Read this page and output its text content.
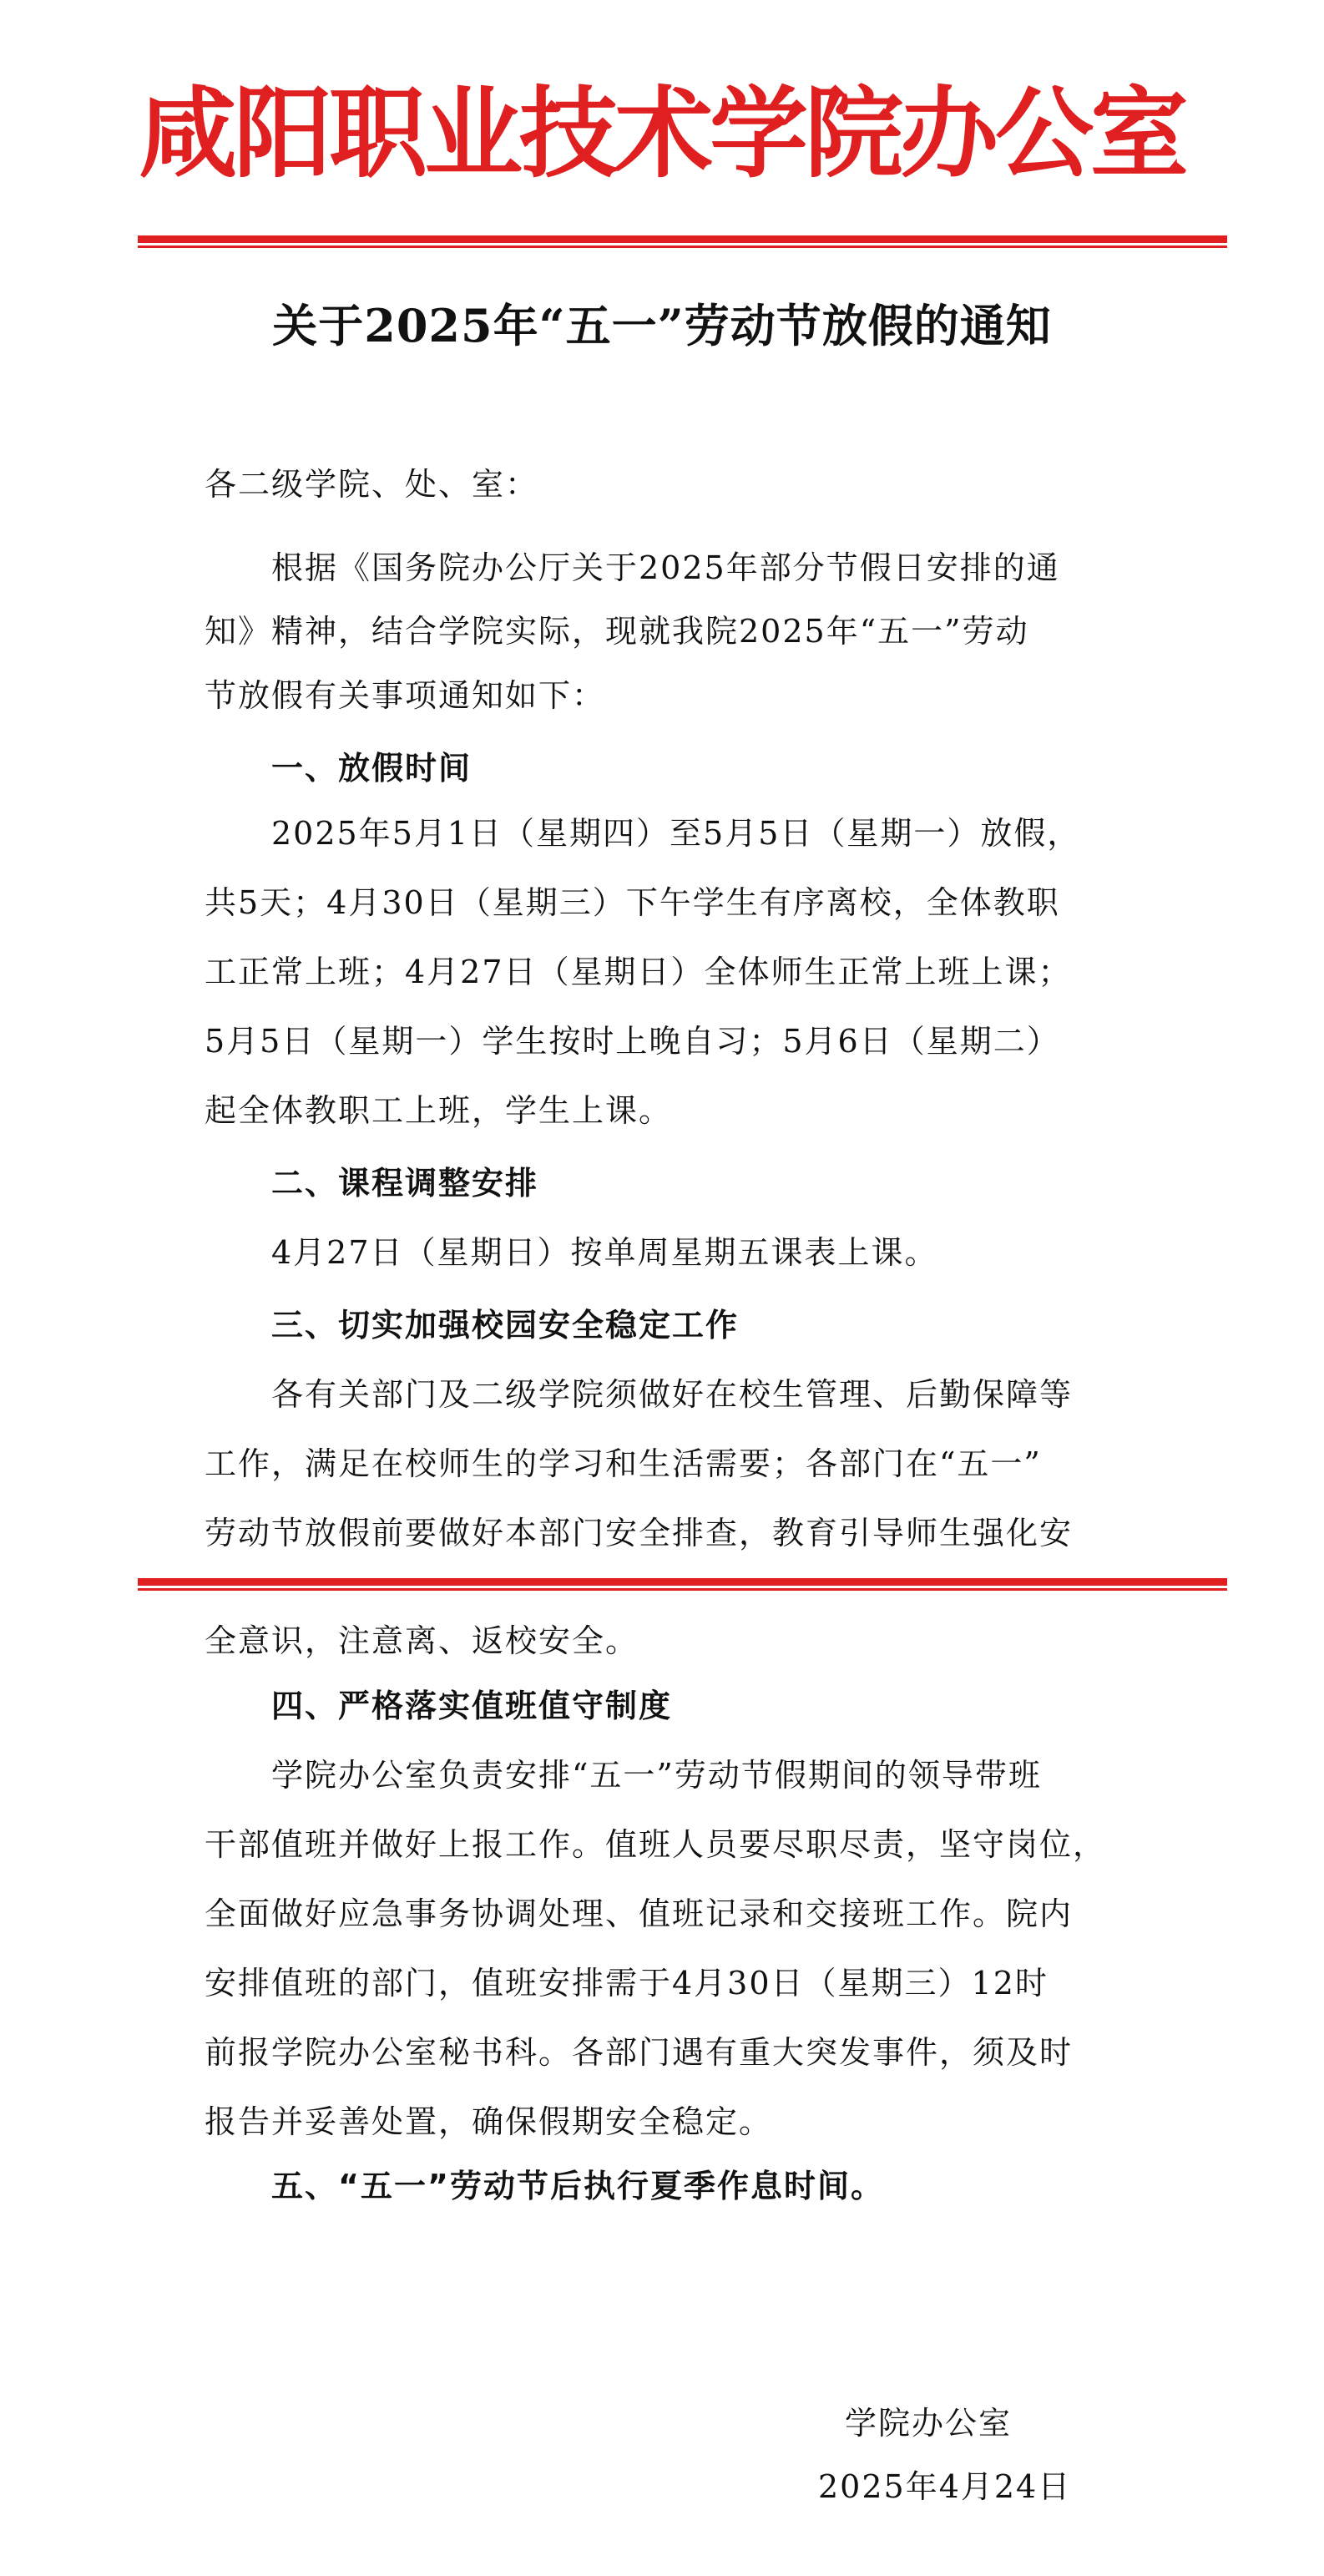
咸阳职业技术学院办公室
关于2025年“五一”劳动节放假的通知
各二级学院、处、室：
根据《国务院办公厅关于2025年部分节假日安排的通
知》精神，结合学院实际，现就我院2025年“五一”劳动
节放假有关事项通知如下：
一、放假时间
2025年5月1日（星期四）至5月5日（星期一）放假，
共5天；4月30日（星期三）下午学生有序离校，全体教职
工正常上班；4月27日（星期日）全体师生正常上班上课；
5月5日（星期一）学生按时上晚自习；5月6日（星期二）
起全体教职工上班，学生上课。
二、课程调整安排
4月27日（星期日）按单周星期五课表上课。
三、切实加强校园安全稳定工作
各有关部门及二级学院须做好在校生管理、后勤保障等
工作，满足在校师生的学习和生活需要；各部门在“五一”
劳动节放假前要做好本部门安全排查，教育引导师生强化安
全意识，注意离、返校安全。
四、严格落实值班值守制度
学院办公室负责安排“五一”劳动节假期间的领导带班
干部值班并做好上报工作。值班人员要尽职尽责，坚守岗位，
全面做好应急事务协调处理、值班记录和交接班工作。院内
安排值班的部门，值班安排需于4月30日（星期三）12时
前报学院办公室秘书科。各部门遇有重大突发事件，须及时
报告并妥善处置，确保假期安全稳定。
五、“五一”劳动节后执行夏季作息时间。
学院办公室
2025年4月24日
